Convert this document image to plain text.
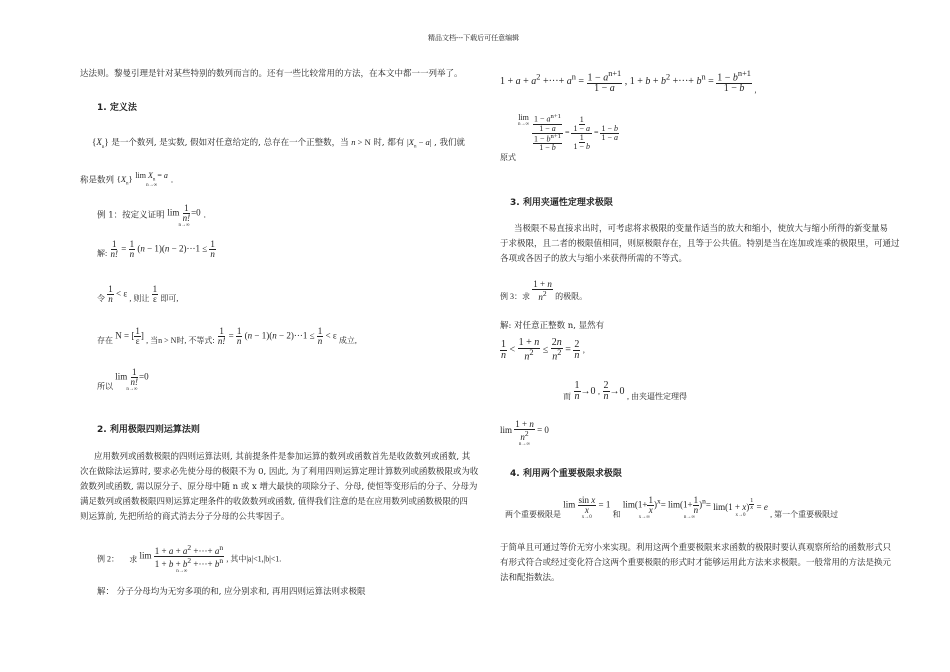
精品文档---下载后可任意编辑
达法则。黎曼引理是针对某些特别的数列而言的。还有一些比较常用的方法，在本文中都一一列举了。
1. 定义法
$\{X_n\}$ 是一个数列, 是实数, 假如对任意给定的, 总存在一个正整数，当 n > N 时, 都有 $|X_n - a|$ , 我们就
称是数列 $\{X_n\}$ $\lim X_n = a$
n→∞ .
例 1：按定义证明 $\lim \frac{1}{n!} =0$
n→∞
.
解: $\frac{1}{n!} = \frac{1}{n} (n - 1)(n - 2)\cdot\cdot\cdot 1 \le \frac{1}{n}$
令 $\frac{1}{n} < \varepsilon$ , 则让 $\frac{1}{\varepsilon}$ 即可,
存在 N = [ $\frac{1}{\varepsilon}$ ] , 当n > N时, 不等式: $\frac{1}{n!} = \frac{1}{n} (n - 1)(n - 2)\cdot\cdot\cdot 1 \le \frac{1}{n} < \varepsilon$ 成立,
所以
$\lim \frac{1}{n!} =0$
n→∞
2. 利用极限四则运算法则
应用数列或函数极限的四则运算法则, 其前提条件是参加运算的数列或函数首先是收敛数列或函数, 其
次在做除法运算时, 要求必先使分母的极限不为 0, 因此, 为了利用四则运算定理计算数列或函数极限或为收
敛数列或函数, 需以原分子、原分母中随 n 或 x 增大最快的项除分子、分母, 使恒等变形后的分子、分母为
满足数列或函数极限四则运算定理条件的收敛数列或函数, 值得我们注意的是在应用数列或函数极限的四
则运算前, 先把所给的商式消去分子分母的公共零因子。
例 2： 求 $\lim \frac{1 + a + a^2 +\cdot\cdot\cdot+ a^n}{1 + b + b^2 +\cdot\cdot\cdot+ b^n}$
n→∞
, 其中|a|<1,|b|<1.
解： 分子分母均为无穷多项的和, 应分别求和, 再用四则运算法则求极限
$1 + a + a^2$ +···+ $a^n = \frac{1 - a^{n+1}}{1 - a}$ , $1 + b + b^2$ +···+ $b^n = \frac{1 - b^{n+1}}{1 - b}$ ,
原式
lim
$n\to\infty \frac{\frac{1 - a^{n+1}}{1 - a}}{\frac{1 - b^{n+1}}{1 - b}} = \frac{\frac{1}{1 - a}}{\frac{1}{1 - b}} = \frac{1 - b}{1 - a}$
3. 利用夹逼性定理求极限
当极限不易直接求出时，可考虑将求极限的变量作适当的放大和缩小，使放大与缩小所得的新变量易
于求极限，且二者的极限值相同，则原极限存在，且等于公共值。特别是当在连加或连乘的极限里，可通过
各项或各因子的放大与缩小来获得所需的不等式。
例 3：求 $\frac{1 + n}{n^2}$ 的极限。
解: 对任意正整数 n, 显然有
$\frac{1}{n} < \frac{1 + n}{n^2} \le \frac{2n}{n^2} = \frac{2}{n}$ ,
而 $\frac{1}{n} \to 0$ , $\frac{2}{n} \to 0$ , 由夹逼性定理得
$\lim \frac{1 + n}{n^2} = 0$
n→∞
4. 利用两个重要极限求极限
两个重要极限是
$\lim \frac{\text{sin x}}{x} = 1$
x→0	和
$\lim(1+ \frac{1}{x} )^x=$
x→∞

$\lim(1+ \frac{1}{n} )^n=$
n→∞

lim(1 + x) $^{\frac{1}{x}}$ = e
x→0	, 第一个重要极限过
于简单且可通过等价无穷小来实现。利用这两个重要极限来求函数的极限时要认真观察所给的函数形式只
有形式符合或经过变化符合这两个重要极限的形式时才能够运用此方法来求极限。一般常用的方法是换元
法和配指数法。
